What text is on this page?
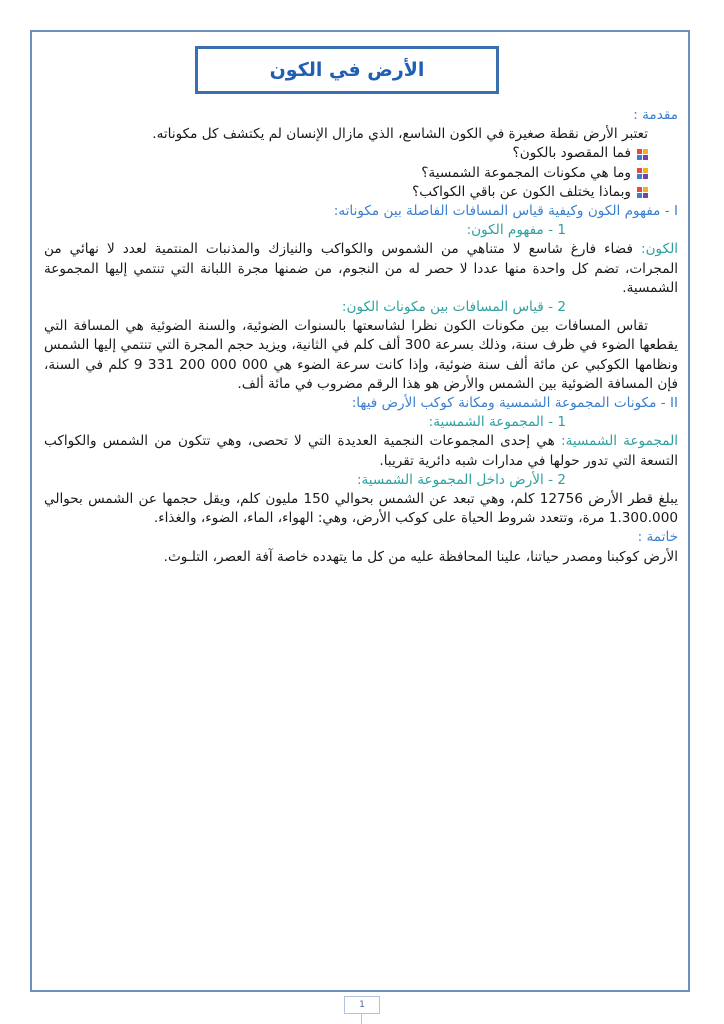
الأرض في الكون

مقدمة :

تعتبر الأرض نقطة صغيرة في الكون الشاسع، الذي مازال الإنسان لم يكتشف كل مكوناته.

فما المقصود بالكون؟
وما هي مكونات المجموعة الشمسية؟
وبماذا يختلف الكون عن باقي الكواكب؟

I - مفهوم الكون وكيفية قياس المسافات الفاصلة بين مكوناته:

1 - مفهوم الكون:

الكون: فضاء فارغ شاسع لا متناهي من الشموس والكواكب والنيازك والمذنبات المنتمية لعدد لا نهائي من المجرات، تضم كل واحدة منها عددا لا حصر له من النجوم، من ضمنها مجرة اللبانة التي تنتمي إليها المجموعة الشمسية.

2 - قياس المسافات بين مكونات الكون:

تقاس المسافات بين مكونات الكون نظرا لشاسعتها بالسنوات الضوئية، والسنة الضوئية هي المسافة التي يقطعها الضوء في ظرف سنة، وذلك بسرعة 300 ألف كلم في الثانية، ويزيد حجم المجرة التي تنتمي إليها الشمس ونظامها الكوكبي عن مائة ألف سنة ضوئية، وإذا كانت سرعة الضوء هي 000 000 200 331 9 كلم في السنة، فإن المسافة الضوئية بين الشمس والأرض هو هذا الرقم مضروب في مائة ألف.

II - مكونات المجموعة الشمسية ومكانة كوكب الأرض فيها:

1 - المجموعة الشمسية:

المجموعة الشمسية: هي إحدى المجموعات النجمية العديدة التي لا تحصى، وهي تتكون من الشمس والكواكب التسعة التي تدور حولها في مدارات شبه دائرية تقريبا.

2 - الأرض داخل المجموعة الشمسية:

يبلغ قطر الأرض 12756 كلم، وهي تبعد عن الشمس بحوالي 150 مليون كلم، ويقل حجمها عن الشمس بحوالي 1.300.000 مرة، وتتعدد شروط الحياة على كوكب الأرض، وهي: الهواء، الماء، الضوء، والغذاء.

خاتمة :

الأرض كوكبنا ومصدر حياتنا، علينا المحافظة عليه من كل ما يتهدده خاصة آفة العصر، التلـوث.

1
